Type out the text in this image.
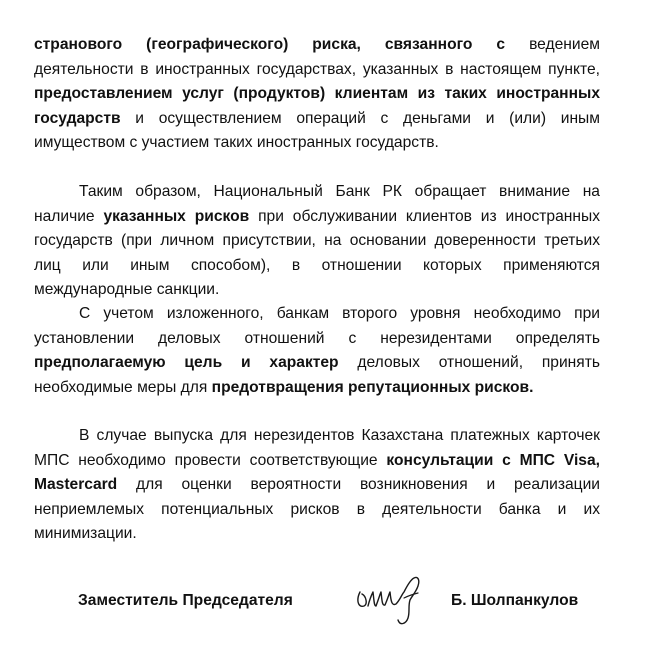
странового (географического) риска, связанного с ведением деятельности в иностранных государствах, указанных в настоящем пункте, предоставлением услуг (продуктов) клиентам из таких иностранных государств и осуществлением операций с деньгами и (или) иным имуществом с участием таких иностранных государств.

Таким образом, Национальный Банк РК обращает внимание на наличие указанных рисков при обслуживании клиентов из иностранных государств (при личном присутствии, на основании доверенности третьих лиц или иным способом), в отношении которых применяются международные санкции.

С учетом изложенного, банкам второго уровня необходимо при установлении деловых отношений с нерезидентами определять предполагаемую цель и характер деловых отношений, принять необходимые меры для предотвращения репутационных рисков.

В случае выпуска для нерезидентов Казахстана платежных карточек МПС необходимо провести соответствующие консультации с МПС Visa, Mastercard для оценки вероятности возникновения и реализации неприемлемых потенциальных рисков в деятельности банка и их минимизации.

Заместитель Председателя	Б. Шолпанкулов
